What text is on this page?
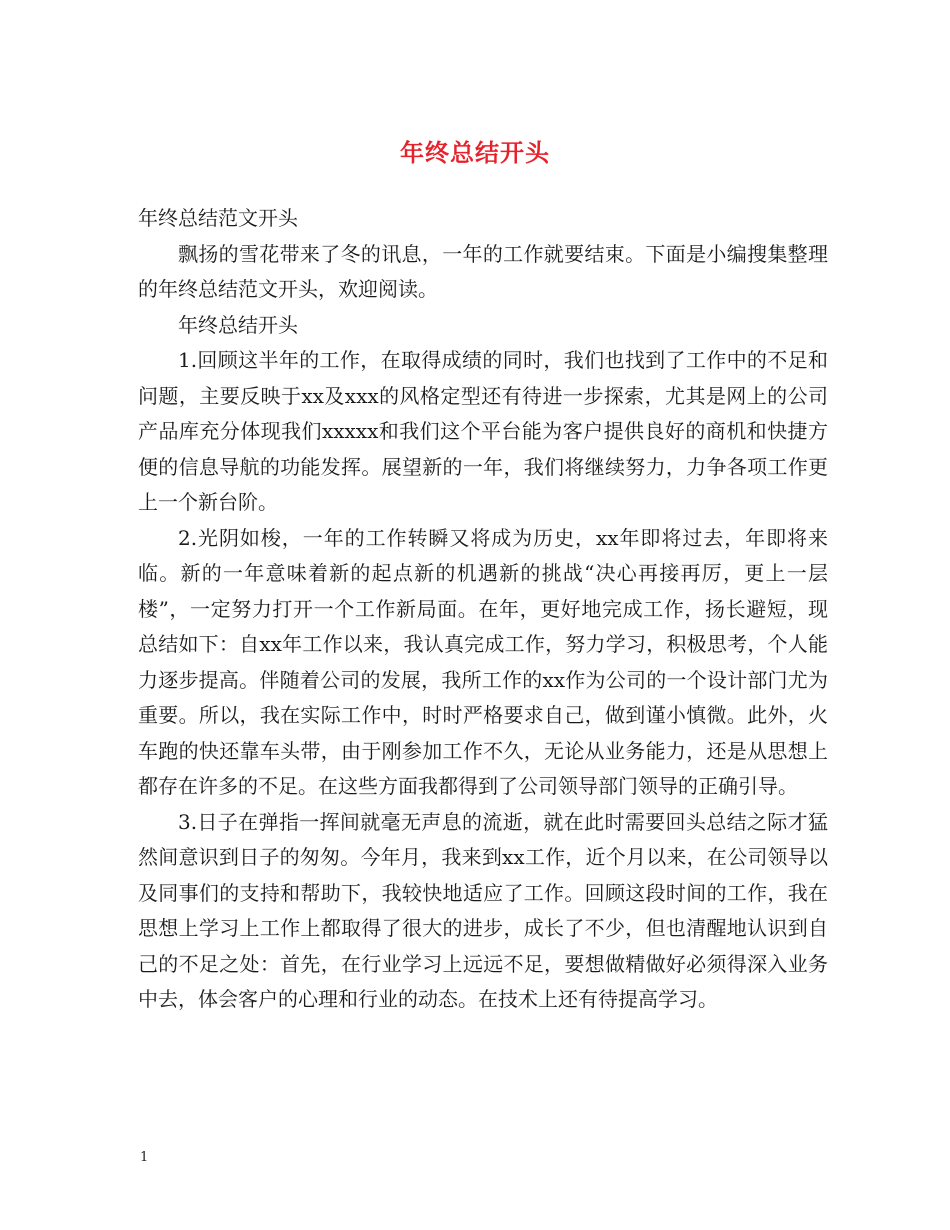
年终总结开头

年终总结范文开头

飘扬的雪花带来了冬的讯息，一年的工作就要结束。下面是小编搜集整理的年终总结范文开头，欢迎阅读。

年终总结开头

1.回顾这半年的工作，在取得成绩的同时，我们也找到了工作中的不足和问题，主要反映于xx及xxx的风格定型还有待进一步探索，尤其是网上的公司产品库充分体现我们xxxxx和我们这个平台能为客户提供良好的商机和快捷方便的信息导航的功能发挥。展望新的一年，我们将继续努力，力争各项工作更上一个新台阶。

2.光阴如梭，一年的工作转瞬又将成为历史，xx年即将过去，年即将来临。新的一年意味着新的起点新的机遇新的挑战“决心再接再厉，更上一层楼”，一定努力打开一个工作新局面。在年，更好地完成工作，扬长避短，现总结如下：自xx年工作以来，我认真完成工作，努力学习，积极思考，个人能力逐步提高。伴随着公司的发展，我所工作的xx作为公司的一个设计部门尤为重要。所以，我在实际工作中，时时严格要求自己，做到谨小慎微。此外，火车跑的快还靠车头带，由于刚参加工作不久，无论从业务能力，还是从思想上都存在许多的不足。在这些方面我都得到了公司领导部门领导的正确引导。

3.日子在弹指一挥间就毫无声息的流逝，就在此时需要回头总结之际才猛然间意识到日子的匆匆。今年月，我来到xx工作，近个月以来，在公司领导以及同事们的支持和帮助下，我较快地适应了工作。回顾这段时间的工作，我在思想上学习上工作上都取得了很大的进步，成长了不少，但也清醒地认识到自己的不足之处：首先，在行业学习上远远不足，要想做精做好必须得深入业务中去，体会客户的心理和行业的动态。在技术上还有待提高学习。

1
